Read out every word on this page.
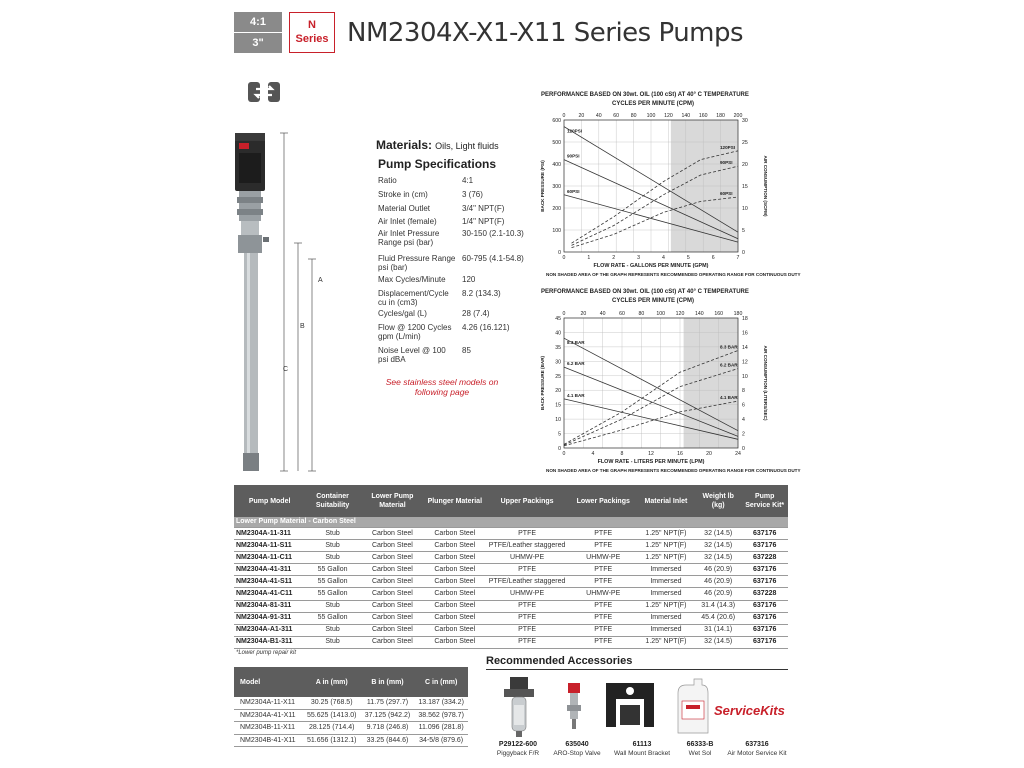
4:1
3"
N
Series NM2304X-X1-X11 Series Pumps
A
B
C
Materials: Oils, Light fluids
Pump Specifications
Ratio	4:1
Stroke in (cm)	3 (76)
Material Outlet	3/4" NPT(F)
Air Inlet (female)	1/4" NPT(F)
Air Inlet Pressure Range psi (bar)
30-150 (2.1-10.3)
Fluid Pressure Range psi (bar)
60-795 (4.1-54.8)
Max Cycles/Minute	120
Displacement/Cycle cu in (cm3)
8.2 (134.3)
Cycles/gal (L)	28 (7.4)
Flow @ 1200 Cycles gpm (L/min)
4.26 (16.121)
Noise Level @ 100 psi dBA
85
See stainless steel models on following page
PERFORMANCE BASED ON 30wt. OIL (100 cSt) AT 40° C TEMPERATURE
CYCLES PER MINUTE (CPM)
0	1	2	3	4	5	6	7
0
100
200
300
400
500
600
0
5
10
15
20
25
30
0	20 40 60 80 100 120 140 160 180 200
FLOW RATE - GALLONS PER MINUTE (GPM)
BACK PRESSURE (PSI)	AIR CONSUMPTION (SCFM)
120PSI
90PSI
60PSI
120PSI
90PSI
60PSI
NON SHADED AREA OF THE GRAPH REPRESENTS RECOMMENDED OPERATING RANGE FOR CONTINUOUS DUTY
PERFORMANCE BASED ON 30wt. OIL (100 cSt) AT 40° C TEMPERATURE
CYCLES PER MINUTE (CPM)
0	4	8	12	16	20	24
0
5
10
15
20
25
30
35
40
45
0
2
4
6
8
10
12
14
16
18
0	20	40	60	80 100 120 140 160 180
FLOW RATE - LITERS PER MINUTE (LPM)
BACK PRESSURE (BAR)	AIR CONSUMPTION (LITERS/SEC)
8.3 BAR
6.2 BAR
4.1 BAR
8.3 BAR
6.2 BAR
4.1 BAR
NON SHADED AREA OF THE GRAPH REPRESENTS RECOMMENDED OPERATING RANGE FOR CONTINUOUS DUTY
Pump Model	Container Suitability	Lower Pump Material	Plunger Material	Upper Packings	Lower Packings	Material Inlet	Weight lb (kg)	Pump Service Kit*
Lower Pump Material - Carbon Steel								
NM2304A-11-311	Stub	Carbon Steel	Carbon Steel	PTFE	PTFE	1.25" NPT(F)	32 (14.5)	637176
NM2304A-11-S11	Stub	Carbon Steel	Carbon Steel	PTFE/Leather staggered	PTFE	1.25" NPT(F)	32 (14.5)	637176
NM2304A-11-C11	Stub	Carbon Steel	Carbon Steel	UHMW-PE	UHMW-PE	1.25" NPT(F)	32 (14.5)	637228
NM2304A-41-311	55 Gallon	Carbon Steel	Carbon Steel	PTFE	PTFE	Immersed	46 (20.9)	637176
NM2304A-41-S11	55 Gallon	Carbon Steel	Carbon Steel	PTFE/Leather staggered	PTFE	Immersed	46 (20.9)	637176
NM2304A-41-C11	55 Gallon	Carbon Steel	Carbon Steel	UHMW-PE	UHMW-PE	Immersed	46 (20.9)	637228
NM2304A-81-311	Stub	Carbon Steel	Carbon Steel	PTFE	PTFE	1.25" NPT(F)	31.4 (14.3)	637176
NM2304A-91-311	55 Gallon	Carbon Steel	Carbon Steel	PTFE	PTFE	Immersed	45.4 (20.6)	637176
NM2304A-A1-311	Stub	Carbon Steel	Carbon Steel	PTFE	PTFE	Immersed	31 (14.1)	637176
NM2304A-B1-311	Stub	Carbon Steel	Carbon Steel	PTFE	PTFE	1.25" NPT(F)	32 (14.5)	637176
*Lower pump repair kit
Model	A in (mm)	B in (mm)	C in (mm)
NM2304A-11-X11	30.25 (768.5)	11.75 (297.7)	13.187 (334.2)
NM2304A-41-X11	55.625 (1413.0)	37.125 (942.2)	38.562 (978.7)
NM2304B-11-X11	28.125 (714.4)	9.718 (246.8)	11.096 (281.8)
NM2304B-41-X11	51.656 (1312.1)	33.25 (844.6)	34-5/8 (879.6)
Recommended Accessories
ServiceKits
P29122-600
Piggyback F/R
635040
ARO-Stop Valve
61113
Wall Mount Bracket
66333-B
Wet Sol
637316
Air Motor Service Kit
